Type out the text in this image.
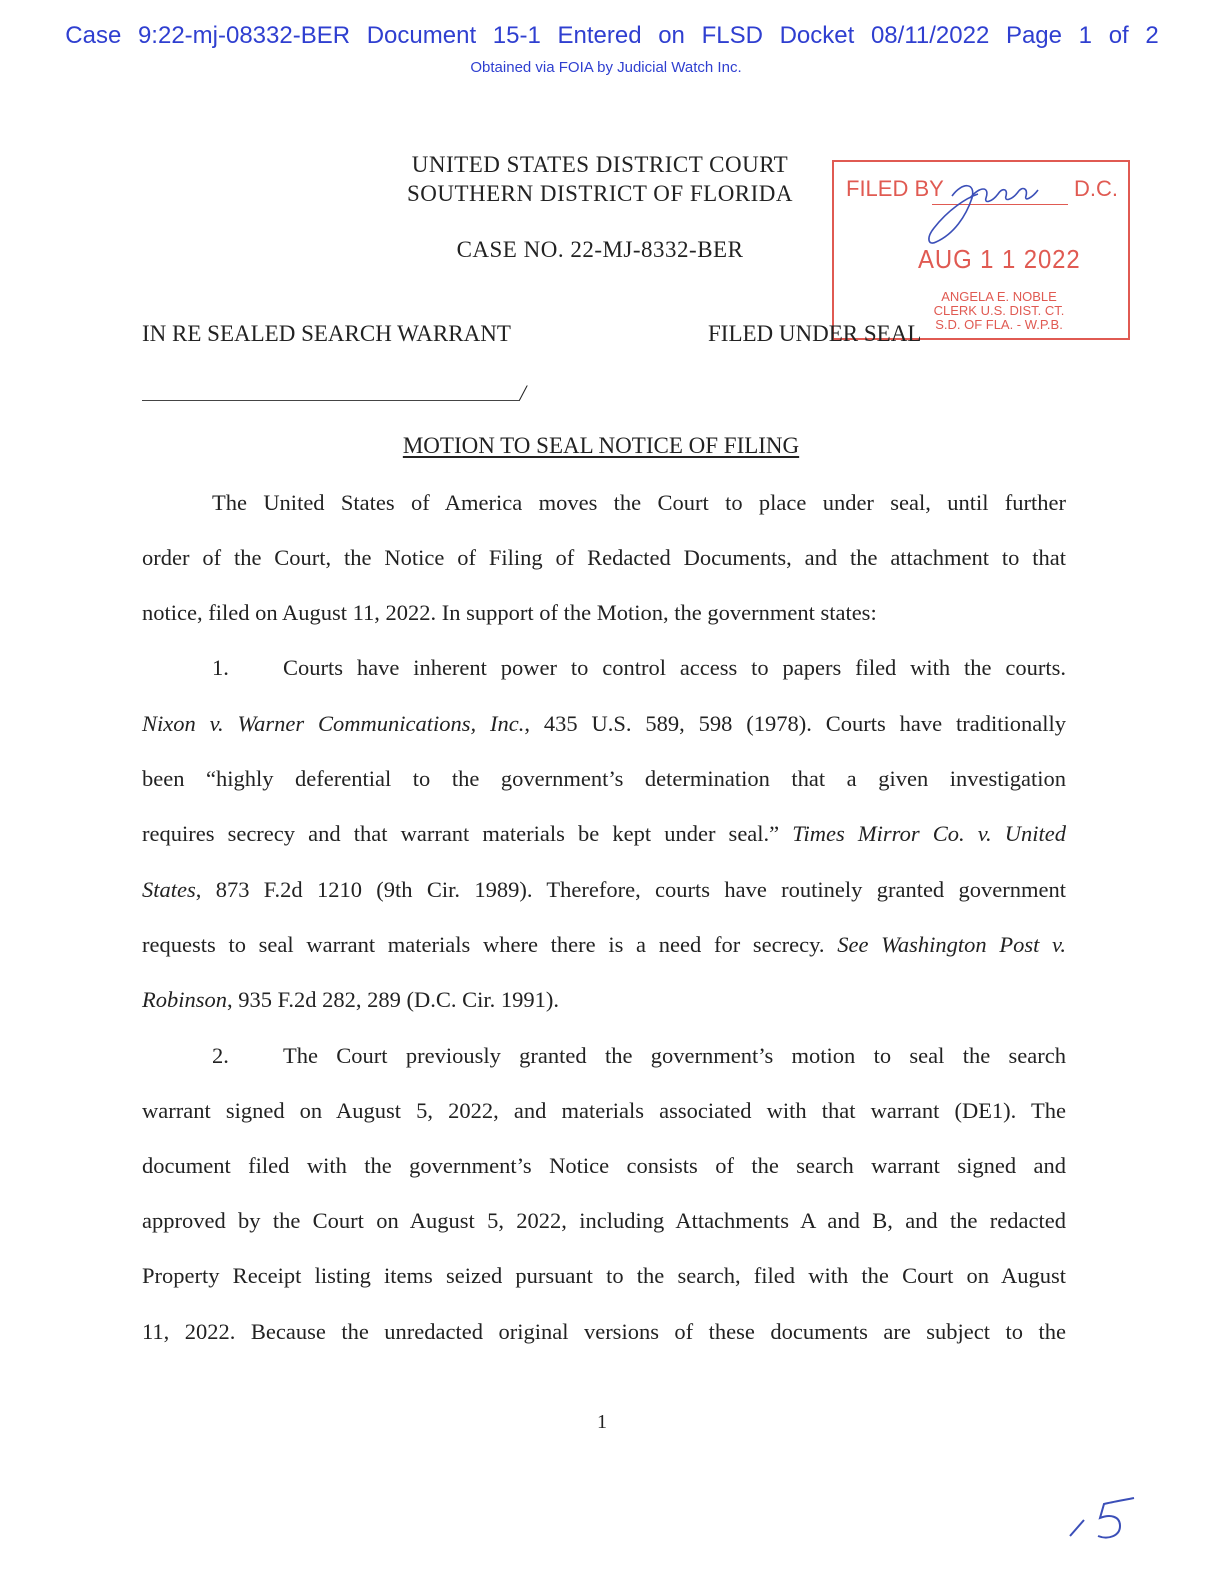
Case 9:22-mj-08332-BER Document 15-1 Entered on FLSD Docket 08/11/2022 Page 1 of 2
Obtained via FOIA by Judicial Watch Inc.
UNITED STATES DISTRICT COURT
SOUTHERN DISTRICT OF FLORIDA
CASE NO. 22-MJ-8332-BER
FILED BY	D.C.
AUG 1 1 2022
ANGELA E. NOBLE
CLERK U.S. DIST. CT.
S.D. OF FLA. - W.P.B.
IN RE SEALED SEARCH WARRANT	FILED UNDER SEAL
/
MOTION TO SEAL NOTICE OF FILING
The United States of America moves the Court to place under seal, until further
order of the Court, the Notice of Filing of Redacted Documents, and the attachment to that
notice, filed on August 11, 2022. In support of the Motion, the government states:
1. Courts have inherent power to control access to papers filed with the courts.
Nixon v. Warner Communications, Inc., 435 U.S. 589, 598 (1978). Courts have traditionally
been “highly deferential to the government’s determination that a given investigation
requires secrecy and that warrant materials be kept under seal.” Times Mirror Co. v. United
States, 873 F.2d 1210 (9th Cir. 1989). Therefore, courts have routinely granted government
requests to seal warrant materials where there is a need for secrecy. See Washington Post v.
Robinson, 935 F.2d 282, 289 (D.C. Cir. 1991).
2. The Court previously granted the government’s motion to seal the search
warrant signed on August 5, 2022, and materials associated with that warrant (DE1). The
document filed with the government’s Notice consists of the search warrant signed and
approved by the Court on August 5, 2022, including Attachments A and B, and the redacted
Property Receipt listing items seized pursuant to the search, filed with the Court on August
11, 2022. Because the unredacted original versions of these documents are subject to the
1
